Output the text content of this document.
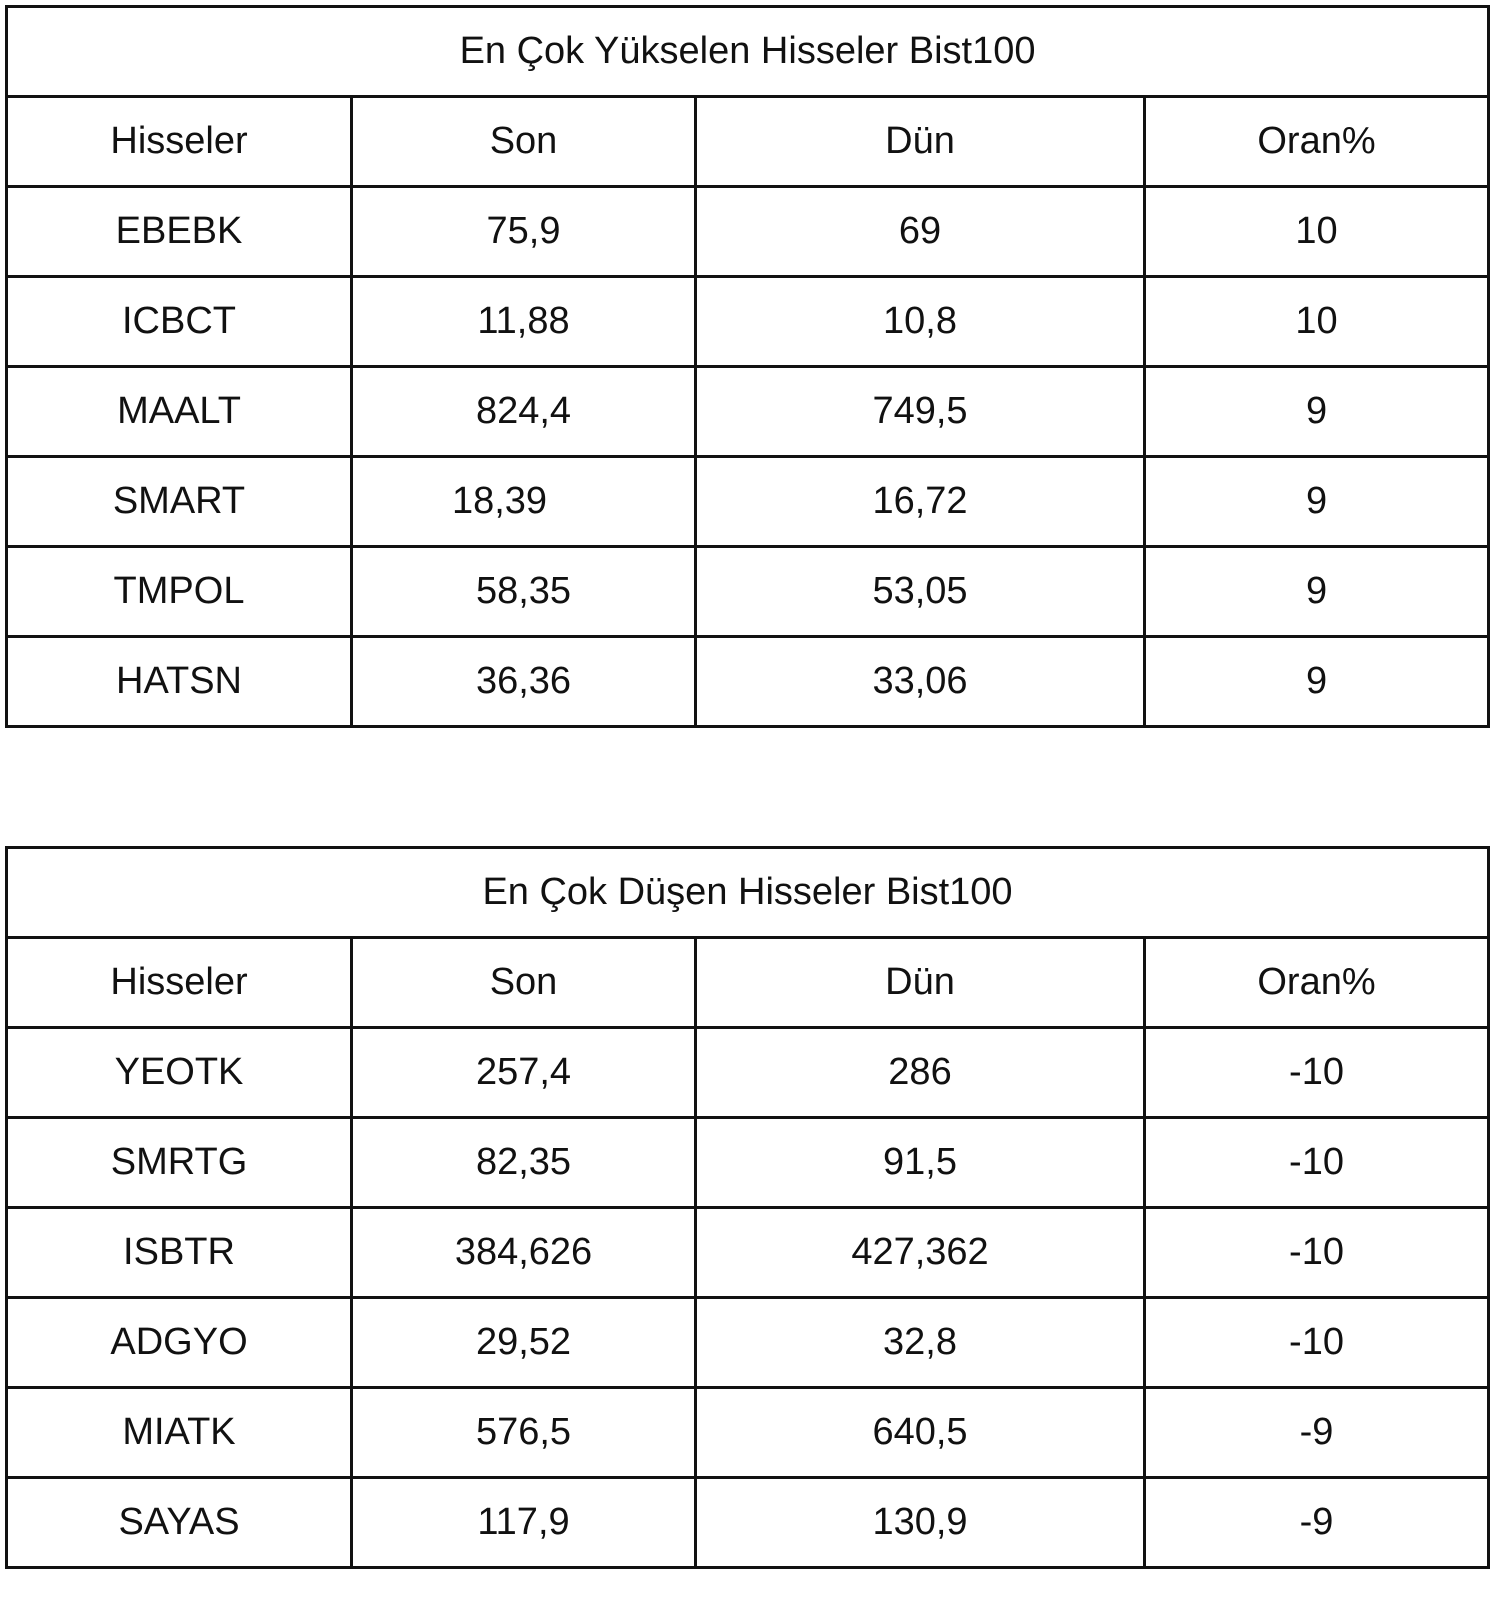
En Çok Yükselen Hisseler Bist100			
Hisseler	Son	Dün	Oran%
EBEBK	75,9	69	10
ICBCT	11,88	10,8	10
MAALT	824,4	749,5	9
SMART	18,39	16,72	9
TMPOL	58,35	53,05	9
HATSN	36,36	33,06	9
En Çok Düşen Hisseler Bist100			
Hisseler	Son	Dün	Oran%
YEOTK	257,4	286	-10
SMRTG	82,35	91,5	-10
ISBTR	384,626	427,362	-10
ADGYO	29,52	32,8	-10
MIATK	576,5	640,5	-9
SAYAS	117,9	130,9	-9
